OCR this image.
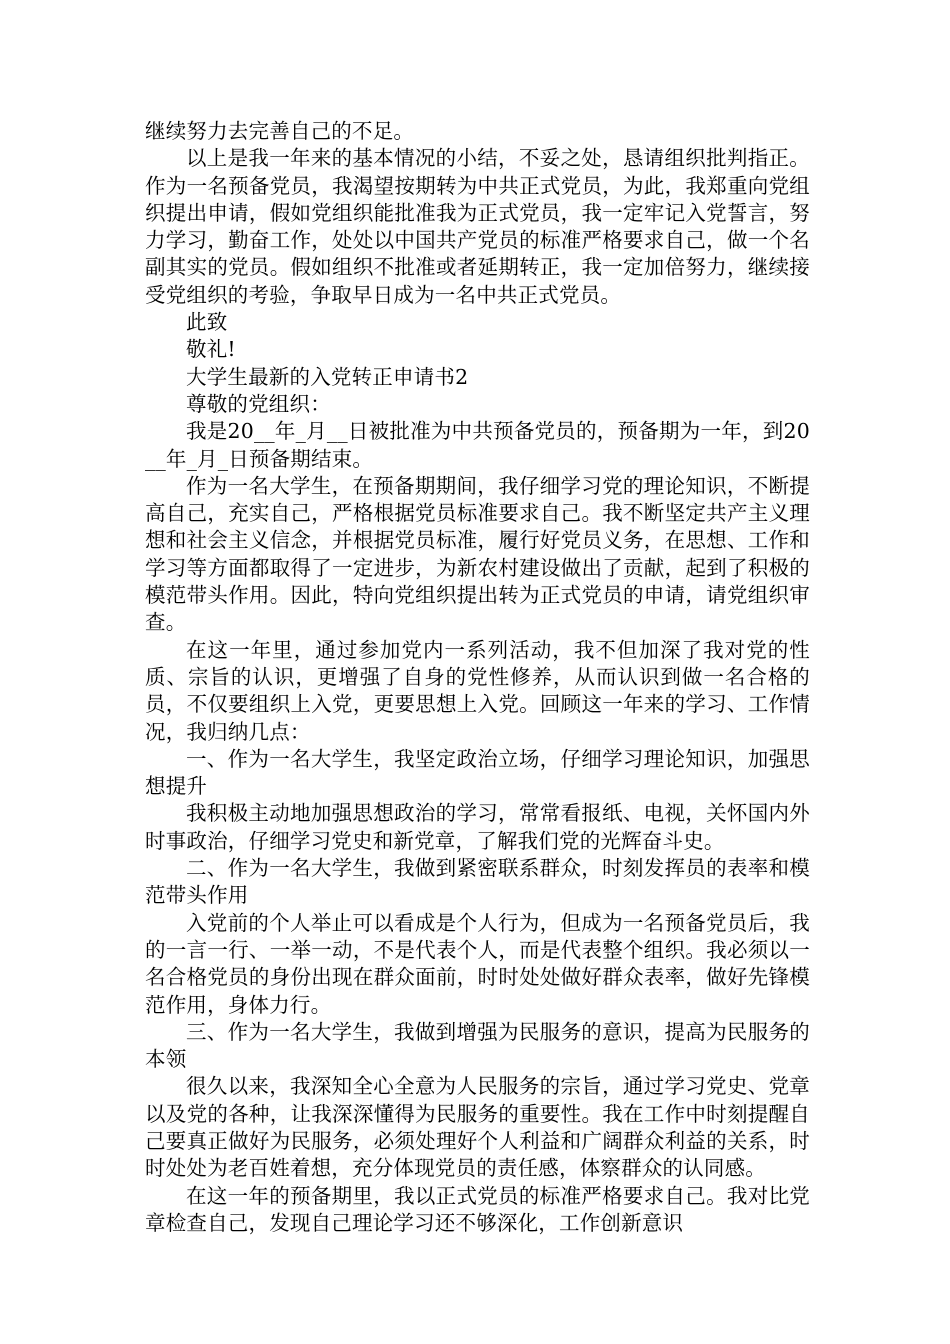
继续努力去完善自己的不足。

以上是我一年来的基本情况的小结，不妥之处，恳请组织批判指正。作为一名预备党员，我渴望按期转为中共正式党员，为此，我郑重向党组织提出申请，假如党组织能批准我为正式党员，我一定牢记入党誓言，努力学习，勤奋工作，处处以中国共产党员的标准严格要求自己，做一个名副其实的党员。假如组织不批准或者延期转正，我一定加倍努力，继续接受党组织的考验，争取早日成为一名中共正式党员。

此致

敬礼!

大学生最新的入党转正申请书2

尊敬的党组织：

我是20__年_月__日被批准为中共预备党员的，预备期为一年，到20__年_月_日预备期结束。

作为一名大学生，在预备期期间，我仔细学习党的理论知识，不断提高自己，充实自己，严格根据党员标准要求自己。我不断坚定共产主义理想和社会主义信念，并根据党员标准，履行好党员义务，在思想、工作和学习等方面都取得了一定进步，为新农村建设做出了贡献，起到了积极的模范带头作用。因此，特向党组织提出转为正式党员的申请，请党组织审查。

在这一年里，通过参加党内一系列活动，我不但加深了我对党的性质、宗旨的认识，更增强了自身的党性修养，从而认识到做一名合格的员，不仅要组织上入党，更要思想上入党。回顾这一年来的学习、工作情况，我归纳几点：

一、作为一名大学生，我坚定政治立场，仔细学习理论知识，加强思想提升

我积极主动地加强思想政治的学习，常常看报纸、电视，关怀国内外时事政治，仔细学习党史和新党章，了解我们党的光辉奋斗史。

二、作为一名大学生，我做到紧密联系群众，时刻发挥员的表率和模范带头作用

入党前的个人举止可以看成是个人行为，但成为一名预备党员后，我的一言一行、一举一动，不是代表个人，而是代表整个组织。我必须以一名合格党员的身份出现在群众面前，时时处处做好群众表率，做好先锋模范作用，身体力行。

三、作为一名大学生，我做到增强为民服务的意识，提高为民服务的本领

很久以来，我深知全心全意为人民服务的宗旨，通过学习党史、党章以及党的各种，让我深深懂得为民服务的重要性。我在工作中时刻提醒自己要真正做好为民服务，必须处理好个人利益和广阔群众利益的关系，时时处处为老百姓着想，充分体现党员的责任感，体察群众的认同感。

在这一年的预备期里，我以正式党员的标准严格要求自己。我对比党章检查自己，发现自己理论学习还不够深化，工作创新意识
